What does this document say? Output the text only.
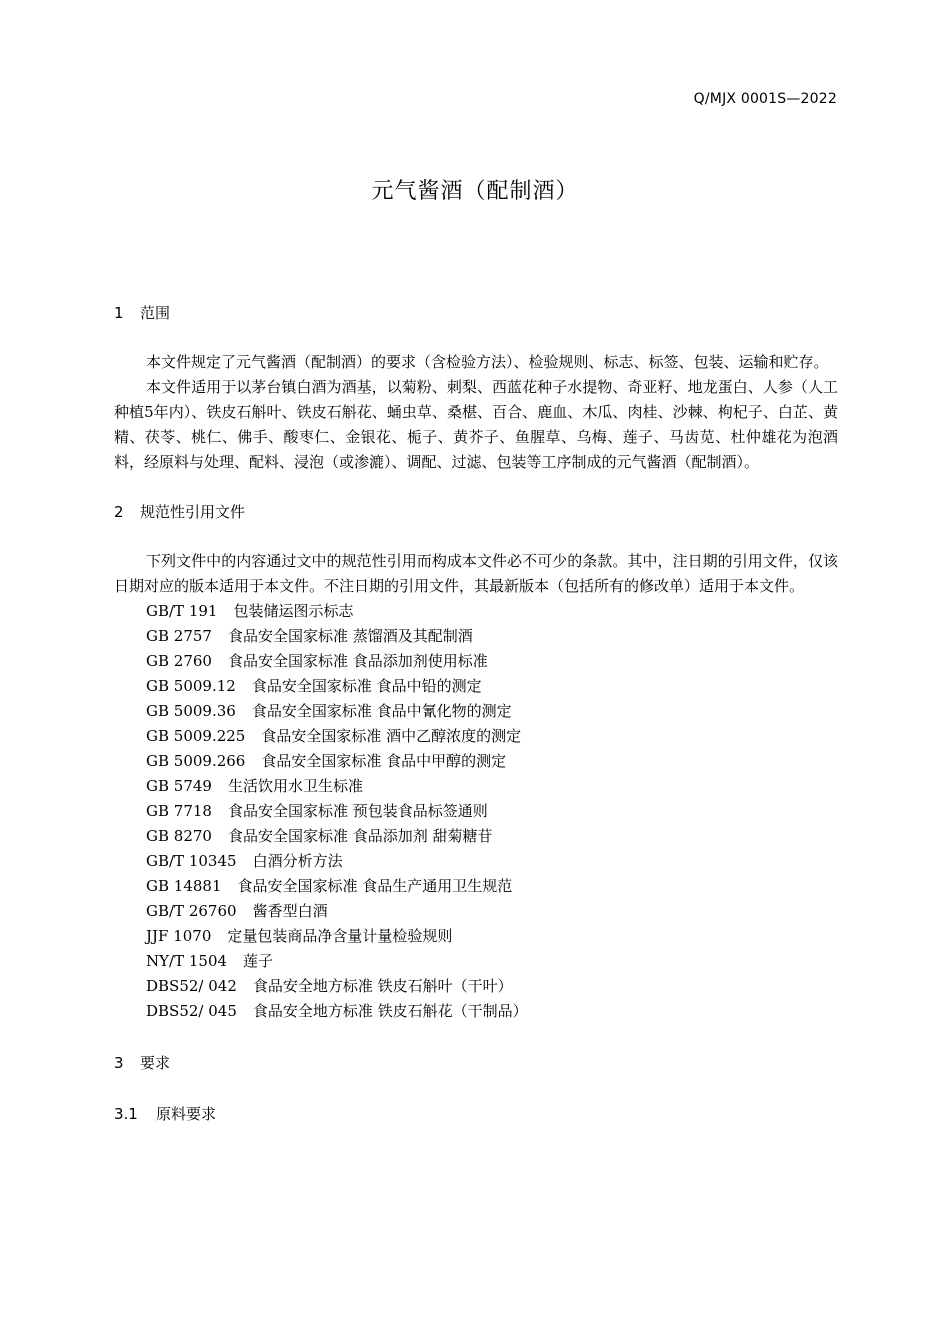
Q/MJX 0001S—2022
元气酱酒（配制酒）
1 范围

本文件规定了元气酱酒（配制酒）的要求（含检验方法）、检验规则、标志、标签、包装、运输和贮存。

本文件适用于以茅台镇白酒为酒基，以菊粉、刺梨、西蓝花种子水提物、奇亚籽、地龙蛋白、人参（人工种植5年内）、铁皮石斛叶、铁皮石斛花、蛹虫草、桑椹、百合、鹿血、木瓜、肉桂、沙棘、枸杞子、白芷、黄精、茯苓、桃仁、佛手、酸枣仁、金银花、栀子、黄芥子、鱼腥草、乌梅、莲子、马齿苋、杜仲雄花为泡酒料，经原料与处理、配料、浸泡（或渗漉）、调配、过滤、包装等工序制成的元气酱酒（配制酒）。

2 规范性引用文件

下列文件中的内容通过文中的规范性引用而构成本文件必不可少的条款。其中，注日期的引用文件，仅该日期对应的版本适用于本文件。不注日期的引用文件，其最新版本（包括所有的修改单）适用于本文件。

GB/T 191 包装储运图示标志
GB 2757 食品安全国家标准 蒸馏酒及其配制酒
GB 2760 食品安全国家标准 食品添加剂使用标准
GB 5009.12 食品安全国家标准 食品中铅的测定
GB 5009.36 食品安全国家标准 食品中氰化物的测定
GB 5009.225 食品安全国家标准 酒中乙醇浓度的测定
GB 5009.266 食品安全国家标准 食品中甲醇的测定
GB 5749 生活饮用水卫生标准
GB 7718 食品安全国家标准 预包装食品标签通则
GB 8270 食品安全国家标准 食品添加剂 甜菊糖苷
GB/T 10345 白酒分析方法
GB 14881 食品安全国家标准 食品生产通用卫生规范
GB/T 26760 酱香型白酒
JJF 1070 定量包装商品净含量计量检验规则
NY/T 1504 莲子
DBS52/ 042 食品安全地方标准 铁皮石斛叶（干叶）
DBS52/ 045 食品安全地方标准 铁皮石斛花（干制品）
3 要求
3.1 原料要求
